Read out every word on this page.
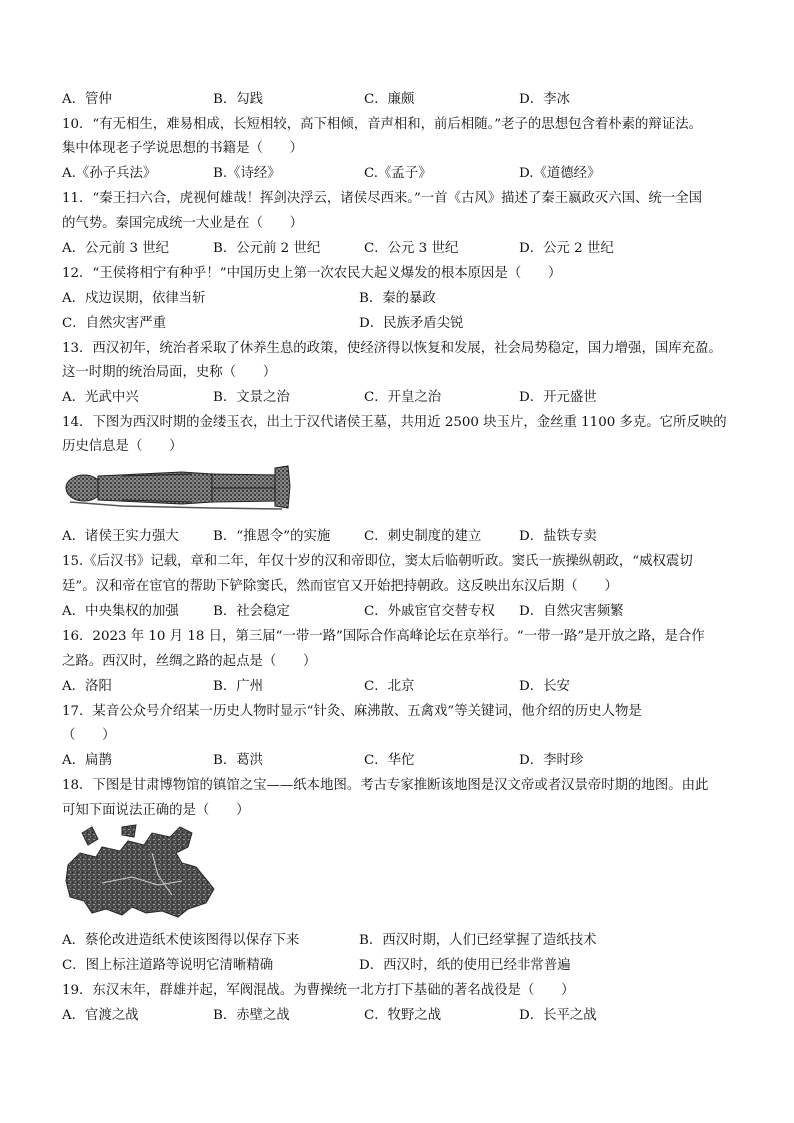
A．管仲	B．勾践	C．廉颇	D．李冰
10．“有无相生，难易相成，长短相较，高下相倾，音声相和，前后相随。”老子的思想包含着朴素的辩证法。
集中体现老子学说思想的书籍是（　　）
A.《孙子兵法》	B.《诗经》	C.《孟子》	D.《道德经》
11．“秦王扫六合，虎视何雄哉！挥剑决浮云，诸侯尽西来。”一首《古风》描述了秦王嬴政灭六国、统一全国
的气势。秦国完成统一大业是在（　　）
A．公元前 3 世纪	B．公元前 2 世纪	C．公元 3 世纪	D．公元 2 世纪
12．“王侯将相宁有种乎！”中国历史上第一次农民大起义爆发的根本原因是（　　）
A．戍边误期，依律当斩	B．秦的暴政
C．自然灾害严重	D．民族矛盾尖锐
13．西汉初年，统治者采取了休养生息的政策，使经济得以恢复和发展，社会局势稳定，国力增强，国库充盈。
这一时期的统治局面，史称（　　）
A．光武中兴	B．文景之治	C．开皇之治	D．开元盛世
14．下图为西汉时期的金缕玉衣，出土于汉代诸侯王墓，共用近 2500 块玉片，金丝重 1100 多克。它所反映的
历史信息是（　　）
A．诸侯王实力强大	B．“推恩令”的实施	C．刺史制度的建立	D．盐铁专卖
15.《后汉书》记载，章和二年，年仅十岁的汉和帝即位，窦太后临朝听政。窦氏一族操纵朝政，“威权震切
廷”。汉和帝在宦官的帮助下铲除窦氏，然而宦官又开始把持朝政。这反映出东汉后期（　　）
A．中央集权的加强	B．社会稳定	C．外戚宦官交替专权 D．自然灾害频繁
16．2023 年 10 月 18 日，第三届“一带一路”国际合作高峰论坛在京举行。“一带一路”是开放之路，是合作
之路。西汉时，丝绸之路的起点是（　　）
A．洛阳	B．广州	C．北京	D．长安
17．某音公众号介绍某一历史人物时显示“针灸、麻沸散、五禽戏”等关键词，他介绍的历史人物是
（　　）
A．扁鹊	B．葛洪	C．华佗	D．李时珍
18．下图是甘肃博物馆的镇馆之宝——纸本地图。考古专家推断该地图是汉文帝或者汉景帝时期的地图。由此
可知下面说法正确的是（　　）
A．蔡伦改进造纸术使该图得以保存下来	B．西汉时期，人们已经掌握了造纸技术
C．图上标注道路等说明它清晰精确	D．西汉时，纸的使用已经非常普遍
19．东汉末年，群雄并起，军阀混战。为曹操统一北方打下基础的著名战役是（　　）
A．官渡之战	B．赤壁之战	C．牧野之战	D．长平之战
